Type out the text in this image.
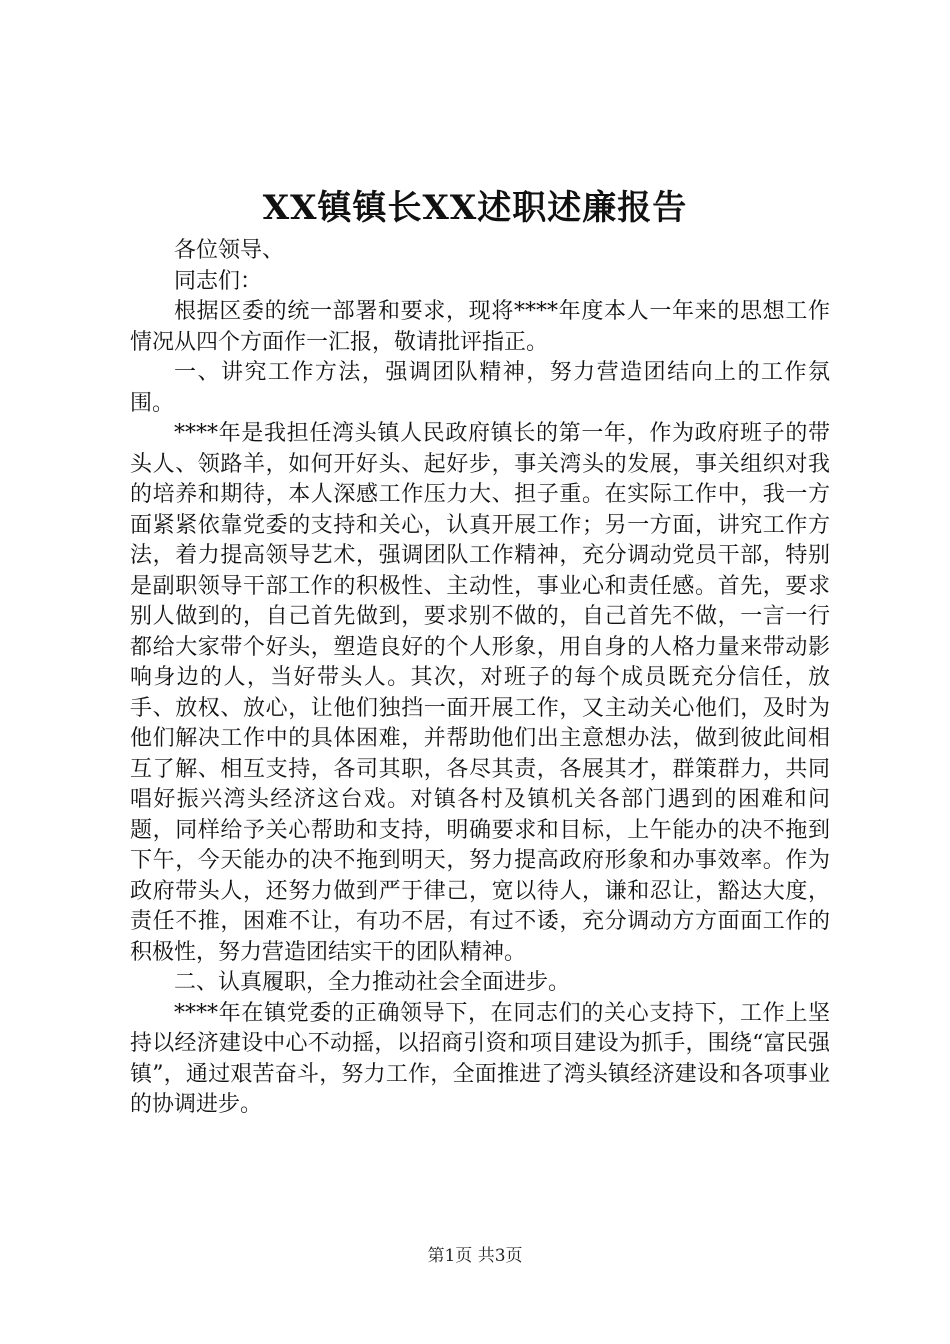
XX镇镇长XX述职述廉报告

各位领导、

同志们：

根据区委的统一部署和要求，现将****年度本人一年来的思想工作情况从四个方面作一汇报，敬请批评指正。

一、讲究工作方法，强调团队精神，努力营造团结向上的工作氛围。

****年是我担任湾头镇人民政府镇长的第一年，作为政府班子的带头人、领路羊，如何开好头、起好步，事关湾头的发展，事关组织对我的培养和期待，本人深感工作压力大、担子重。在实际工作中，我一方面紧紧依靠党委的支持和关心，认真开展工作；另一方面，讲究工作方法，着力提高领导艺术，强调团队工作精神，充分调动党员干部，特别是副职领导干部工作的积极性、主动性，事业心和责任感。首先，要求别人做到的，自己首先做到，要求别不做的，自己首先不做，一言一行都给大家带个好头，塑造良好的个人形象，用自身的人格力量来带动影响身边的人，当好带头人。其次，对班子的每个成员既充分信任，放手、放权、放心，让他们独挡一面开展工作，又主动关心他们，及时为他们解决工作中的具体困难，并帮助他们出主意想办法，做到彼此间相互了解、相互支持，各司其职，各尽其责，各展其才，群策群力，共同唱好振兴湾头经济这台戏。对镇各村及镇机关各部门遇到的困难和问题，同样给予关心帮助和支持，明确要求和目标，上午能办的决不拖到下午，今天能办的决不拖到明天，努力提高政府形象和办事效率。作为政府带头人，还努力做到严于律己，宽以待人，谦和忍让，豁达大度，责任不推，困难不让，有功不居，有过不诿，充分调动方方面面工作的积极性，努力营造团结实干的团队精神。

二、认真履职，全力推动社会全面进步。

****年在镇党委的正确领导下，在同志们的关心支持下，工作上坚持以经济建设中心不动摇，以招商引资和项目建设为抓手，围绕“富民强镇”，通过艰苦奋斗，努力工作，全面推进了湾头镇经济建设和各项事业的协调进步。

第1页 共3页
